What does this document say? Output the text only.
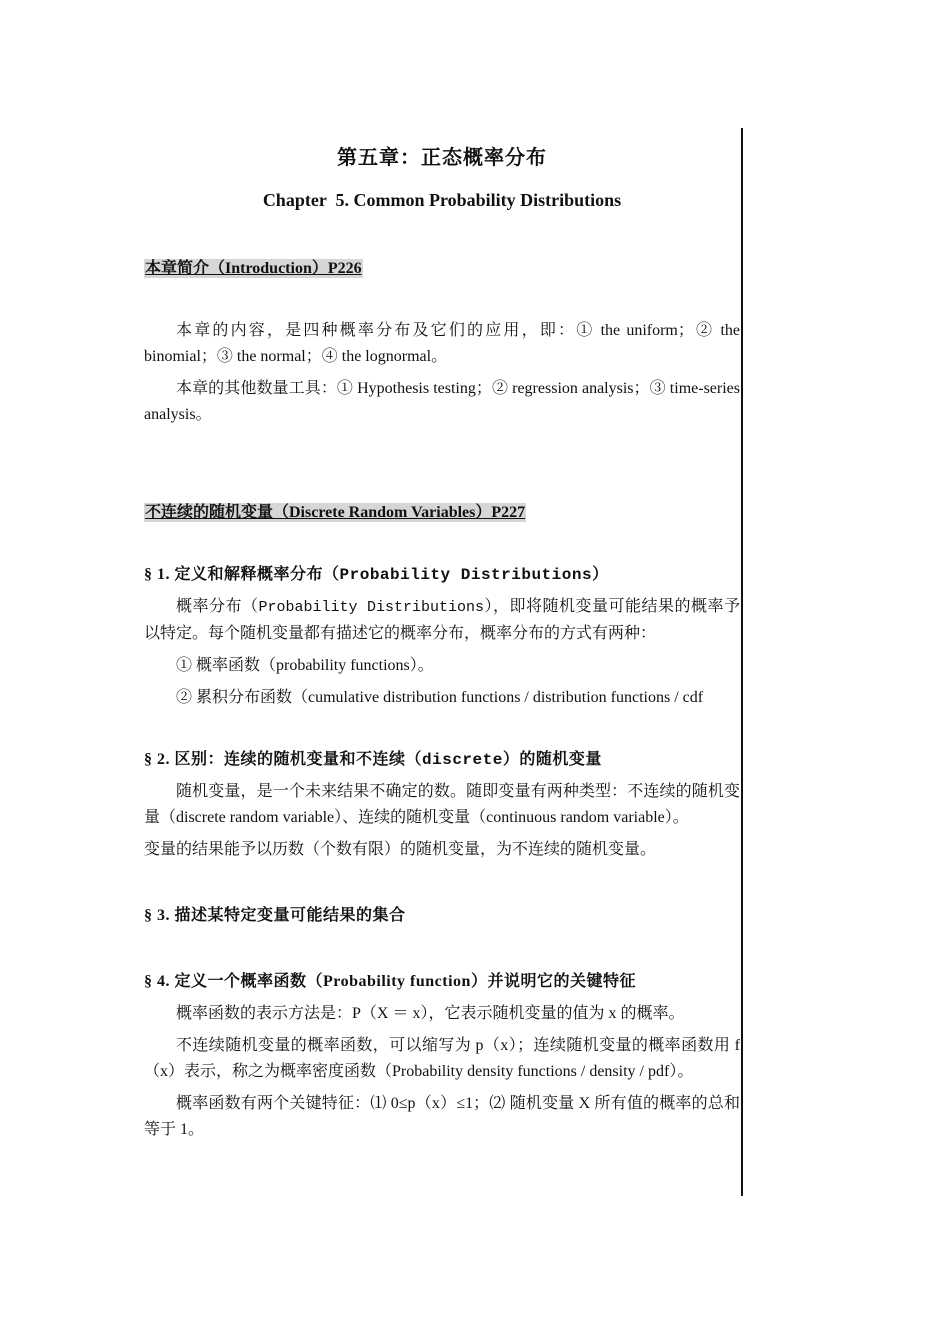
第五章：正态概率分布
Chapter  5. Common Probability Distributions
本章简介（Introduction）P226

本章的内容，是四种概率分布及它们的应用，即：① the uniform；② the binomial；③ the normal；④ the lognormal。

本章的其他数量工具：① Hypothesis testing；② regression analysis；③ time-series analysis。

不连续的随机变量（Discrete Random Variables）P227
§ 1. 定义和解释概率分布（Probability Distributions）

概率分布（Probability Distributions），即将随机变量可能结果的概率予以特定。每个随机变量都有描述它的概率分布，概率分布的方式有两种：

① 概率函数（probability functions）。

② 累积分布函数（cumulative distribution functions / distribution functions / cdf

§ 2. 区别：连续的随机变量和不连续（discrete）的随机变量

随机变量，是一个未来结果不确定的数。随即变量有两种类型：不连续的随机变量（discrete random variable）、连续的随机变量（continuous random variable）。

变量的结果能予以历数（个数有限）的随机变量，为不连续的随机变量。

§ 3. 描述某特定变量可能结果的集合
§ 4. 定义一个概率函数（Probability function）并说明它的关键特征

概率函数的表示方法是：P（X ＝ x），它表示随机变量的值为 x 的概率。

不连续随机变量的概率函数，可以缩写为 p（x）；连续随机变量的概率函数用 f（x）表示，称之为概率密度函数（Probability density functions / density / pdf）。

概率函数有两个关键特征：⑴ 0≤p（x）≤1；⑵ 随机变量 X 所有值的概率的总和等于 1。
